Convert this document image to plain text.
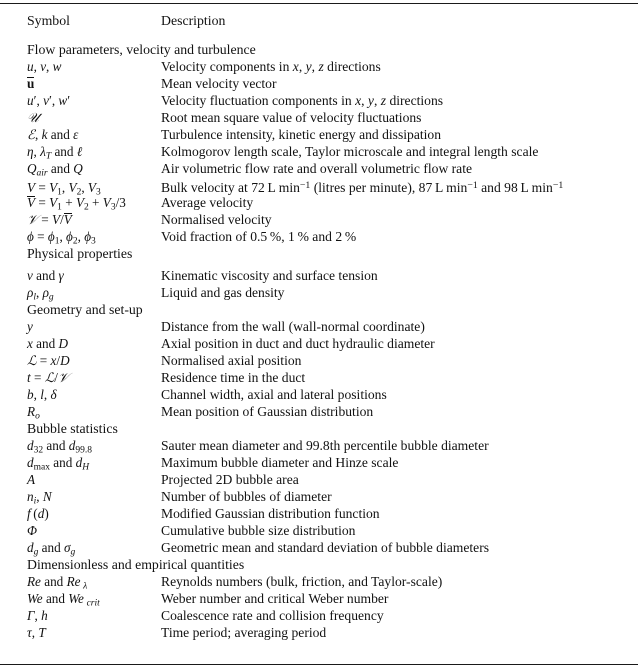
Symbol	Description
Flow parameters, velocity and turbulence
u, v, w	Velocity components in x, y, z directions
u	Mean velocity vector
u′, v′, w′	Velocity fluctuation components in x, y, z directions
𝒰	Root mean square value of velocity fluctuations
ℰ, k and ε	Turbulence intensity, kinetic energy and dissipation
η, $\lambda_T$ and ℓ	Kolmogorov length scale, Taylor microscale and integral length scale
$Q_{air}$ and Q	Air volumetric flow rate and overall volumetric flow rate
$V = V_1$, $V_2$, $V_3$	Bulk velocity at 72 L $\min^{-1}$ (litres per minute), 87 L $\min^{-1}$ and 98 L $\min^{-1}$
$V = V_1 + V_2 + V_3/3$	Average velocity
𝒱 = V/V	Normalised velocity
$\phi = \phi_1$, $\phi_2$, $\phi_3$	Void fraction of 0.5 %, 1 % and 2 %
Physical properties
ν and γ	Kinematic viscosity and surface tension
$\rho_l$, $\rho_g$	Liquid and gas density
Geometry and set-up
y	Distance from the wall (wall-normal coordinate)
x and D	Axial position in duct and duct hydraulic diameter
ℒ = x/D	Normalised axial position
t = ℒ/𝒱	Residence time in the duct
b, l, δ	Channel width, axial and lateral positions
$R_o$	Mean position of Gaussian distribution
Bubble statistics
$d_{32}$ and $d_{99.8}$	Sauter mean diameter and 99.8th percentile bubble diameter
$d_{max}$ and $d_H$	Maximum bubble diameter and Hinze scale
A	Projected 2D bubble area
$n_i$, N	Number of bubbles of diameter
f (d)	Modified Gaussian distribution function
Φ	Cumulative bubble size distribution
$d_g$ and $\sigma_g$	Geometric mean and standard deviation of bubble diameters
Dimensionless and empirical quantities
Re and Re  $_\lambda$	Reynolds numbers (bulk, friction, and Taylor-scale)
We and We  $_{crit}$	Weber number and critical Weber number
Γ, h	Coalescence rate and collision frequency
τ, T	Time period; averaging period
